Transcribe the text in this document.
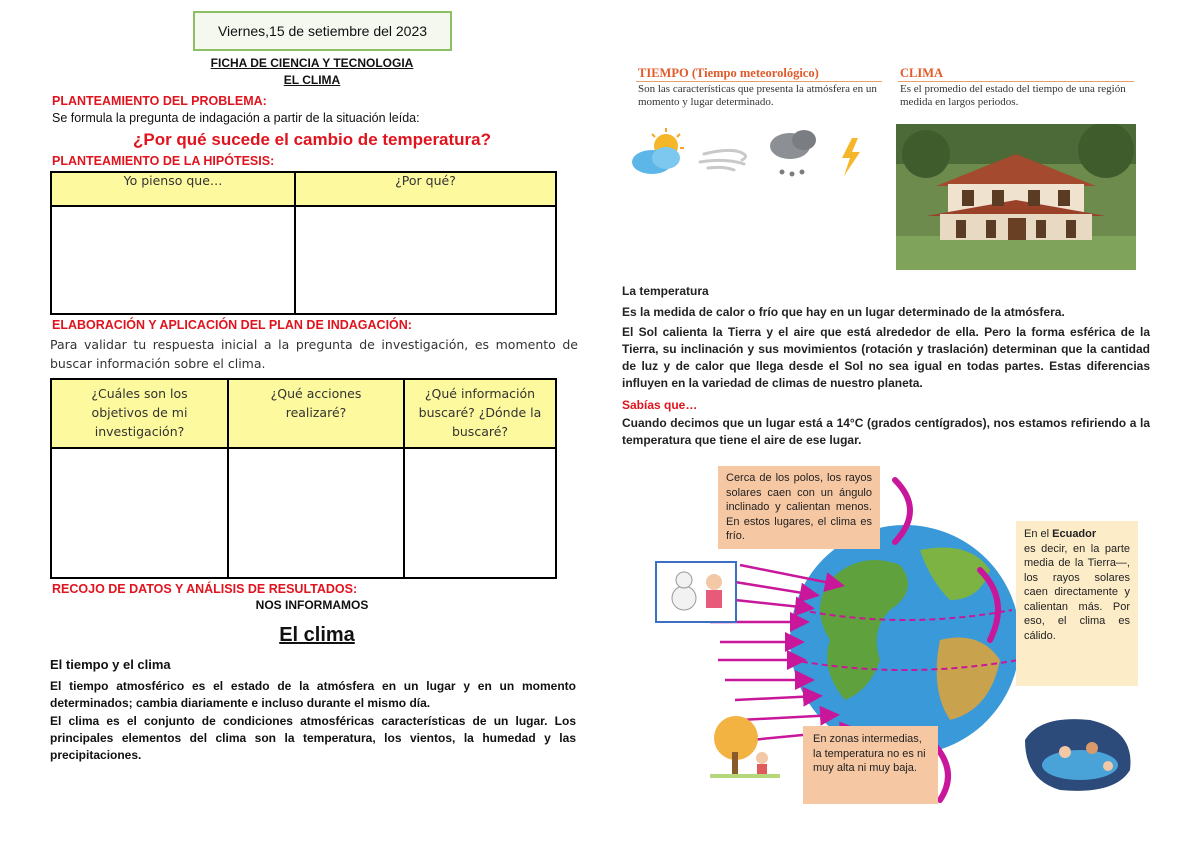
Viernes,15 de setiembre del 2023
FICHA DE CIENCIA Y TECNOLOGIA
EL CLIMA
PLANTEAMIENTO DEL PROBLEMA:
Se formula la pregunta de indagación a partir de la situación leída:
¿Por qué sucede el cambio de temperatura?
PLANTEAMIENTO DE LA HIPÓTESIS:
Yo pienso que…	¿Por qué?

ELABORACIÓN Y APLICACIÓN DEL PLAN DE INDAGACIÓN:
Para validar tu respuesta inicial a la pregunta de investigación, es momento de buscar información sobre el clima.
¿Cuáles son los objetivos de mi investigación?	¿Qué acciones realizaré?	¿Qué información buscaré? ¿Dónde la buscaré?

RECOJO DE DATOS Y ANÁLISIS DE RESULTADOS:
NOS INFORMAMOS
El clima
El tiempo y el clima
El tiempo atmosférico es el estado de la atmósfera en un lugar y en un momento determinados; cambia diariamente e incluso durante el mismo día.
El clima es el conjunto de condiciones atmosféricas características de un lugar. Los principales elementos del clima son la temperatura, los vientos, la humedad y las precipitaciones.
TIEMPO (Tiempo meteorológico)
Son las características que presenta la atmósfera en un momento y lugar determinado.
CLIMA
Es el promedio del estado del tiempo de una región medida en largos periodos.
La temperatura
Es la medida de calor o frío que hay en un lugar determinado de la atmósfera.
El Sol calienta la Tierra y el aire que está alrededor de ella. Pero la forma esférica de la Tierra, su inclinación y sus movimientos (rotación y traslación) determinan que la cantidad de luz y de calor que llega desde el Sol no sea igual en todas partes. Estas diferencias influyen en la variedad de climas de nuestro planeta.
Sabías que…
Cuando decimos que un lugar está a 14°C (grados centígrados), nos estamos refiriendo a la temperatura que tiene el aire de ese lugar.
Cerca de los polos, los rayos solares caen con un ángulo inclinado y calientan menos. En estos lugares, el clima es frío.	En el Ecuador
es decir, en la parte media de la Tierra—, los rayos solares caen directamente y calientan más. Por eso, el clima es cálido.
En zonas intermedias, la temperatura no es ni muy alta ni muy baja.
